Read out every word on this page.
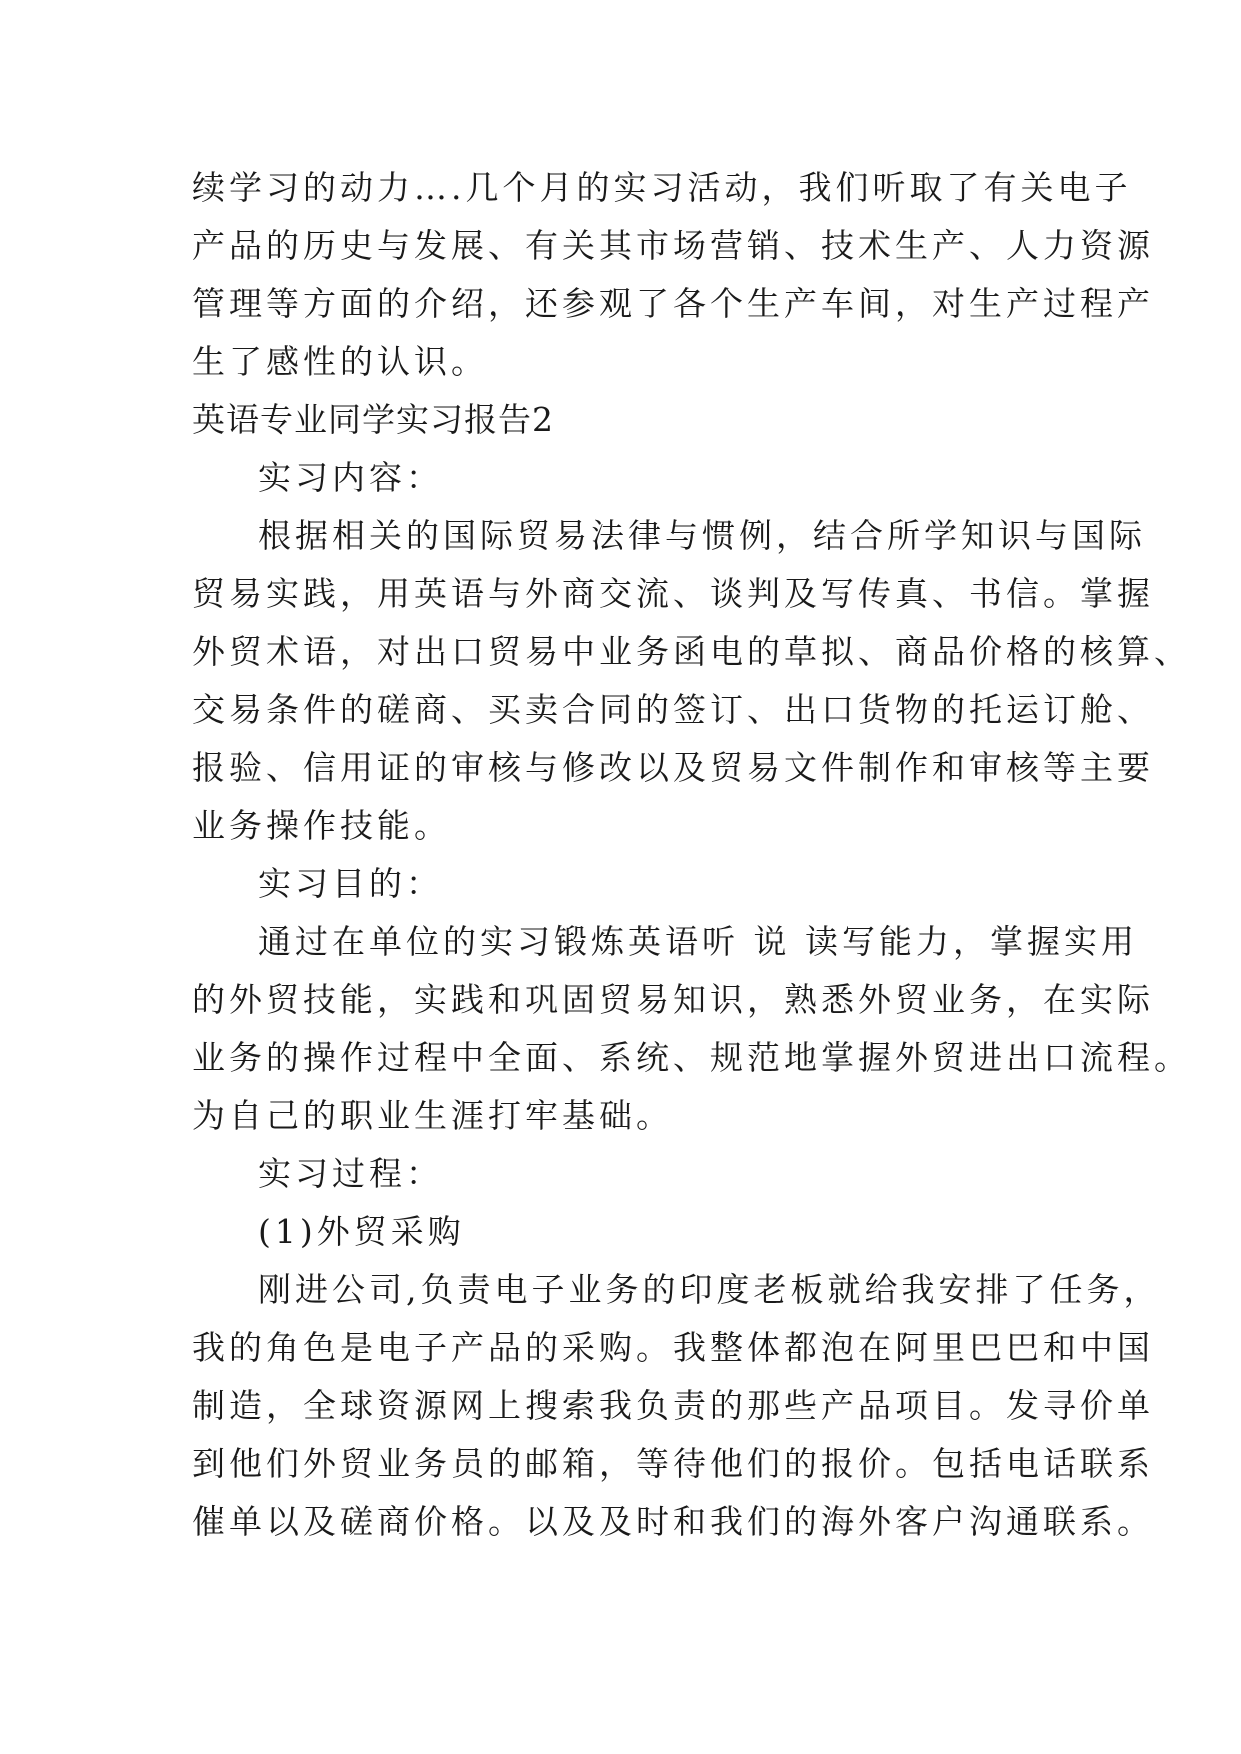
续学习的动力….几个月的实习活动，我们听取了有关电子
产品的历史与发展、有关其市场营销、技术生产、人力资源
管理等方面的介绍，还参观了各个生产车间，对生产过程产
生了感性的认识。
英语专业同学实习报告2
实习内容：
根据相关的国际贸易法律与惯例，结合所学知识与国际
贸易实践，用英语与外商交流、谈判及写传真、书信。掌握
外贸术语，对出口贸易中业务函电的草拟、商品价格的核算、
交易条件的磋商、买卖合同的签订、出口货物的托运订舱、
报验、信用证的审核与修改以及贸易文件制作和审核等主要
业务操作技能。
实习目的：
通过在单位的实习锻炼英语听 说 读写能力，掌握实用
的外贸技能，实践和巩固贸易知识，熟悉外贸业务，在实际
业务的操作过程中全面、系统、规范地掌握外贸进出口流程。
为自己的职业生涯打牢基础。
实习过程：
(1)外贸采购
刚进公司,负责电子业务的印度老板就给我安排了任务，
我的角色是电子产品的采购。我整体都泡在阿里巴巴和中国
制造，全球资源网上搜索我负责的那些产品项目。发寻价单
到他们外贸业务员的邮箱，等待他们的报价。包括电话联系
催单以及磋商价格。以及及时和我们的海外客户沟通联系。
